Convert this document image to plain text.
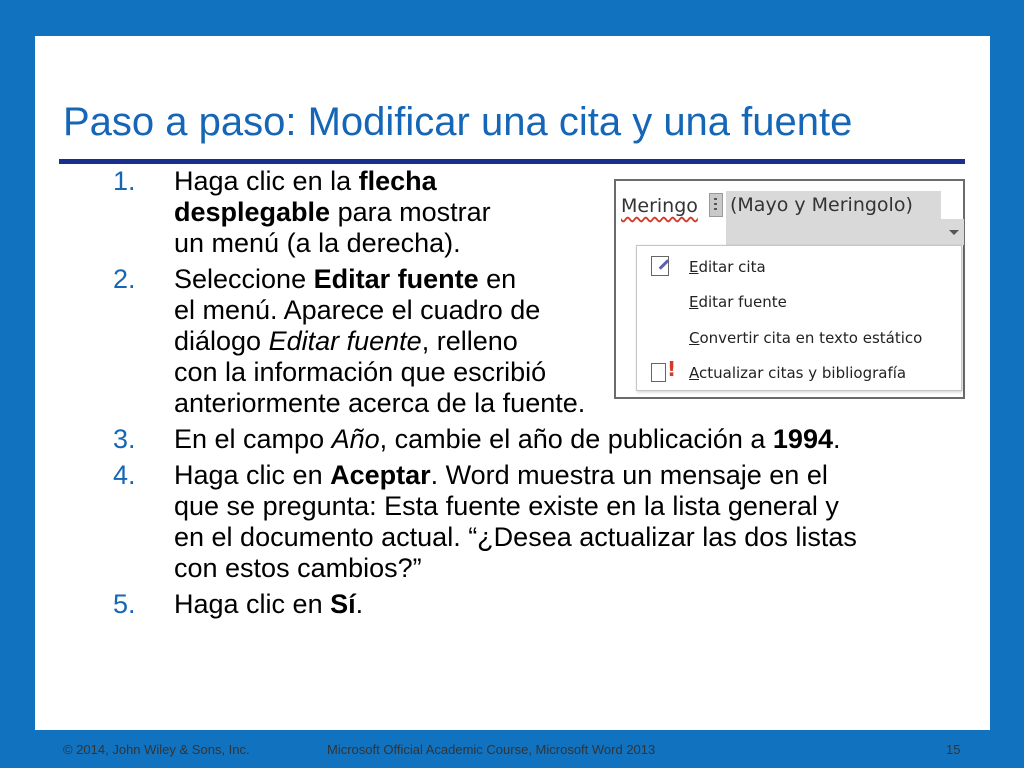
Paso a paso: Modificar una cita y una fuente
1. Haga clic en la flecha
desplegable para mostrar
un menú (a la derecha).
2. Seleccione Editar fuente en
el menú. Aparece el cuadro de
diálogo Editar fuente, relleno
con la información que escribió
anteriormente acerca de la fuente.
3. En el campo Año, cambie el año de publicación a 1994.
4. Haga clic en Aceptar. Word muestra un mensaje en el
que se pregunta: Esta fuente existe en la lista general y
en el documento actual. “¿Desea actualizar las dos listas
con estos cambios?”
5. Haga clic en Sí.
Meringo (Mayo y Meringolo)
Editar cita
Editar fuente
Convertir cita en texto estático
! Actualizar citas y bibliografía
© 2014, John Wiley & Sons, Inc.	Microsoft Official Academic Course, Microsoft Word 2013	15
